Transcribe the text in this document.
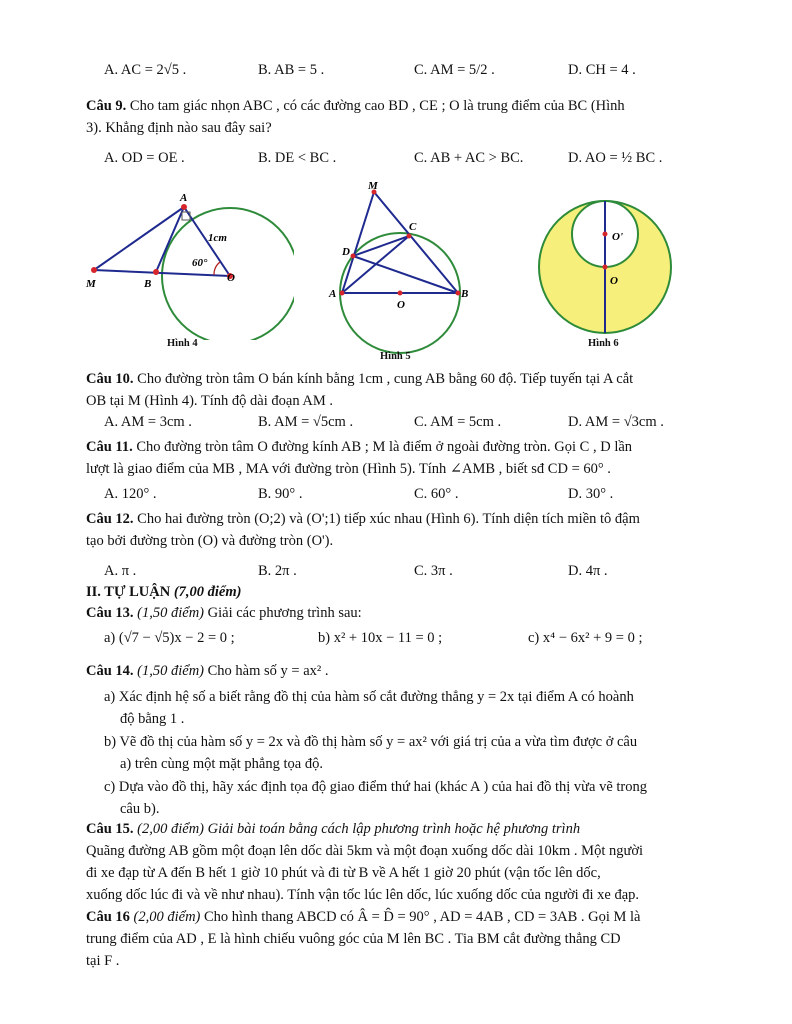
A. AC = 2√5 .	B. AB = 5 .	C. AM = 5/2 .	D. CH = 4 .
Câu 9. Cho tam giác nhọn ABC , có các đường cao BD , CE ; O là trung điểm của BC (Hình
3). Khẳng định nào sau đây sai?
A. OD = OE .	B. DE < BC .	C. AB + AC > BC.	D. AO = ½ BC .
A
M	B	O
1cm
60°
Hình 4
M
C
D
A	B
O
Hình 5
O'
O
Hình 6
Câu 10. Cho đường tròn tâm O bán kính bằng 1cm , cung AB bằng 60 độ. Tiếp tuyến tại A cắt
OB tại M (Hình 4). Tính độ dài đoạn AM .
A. AM = 3cm .	B. AM = √5cm .	C. AM = 5cm .	D. AM = √3cm .
Câu 11. Cho đường tròn tâm O đường kính AB ; M là điểm ở ngoài đường tròn. Gọi C , D lần
lượt là giao điểm của MB , MA với đường tròn (Hình 5). Tính ∠AMB , biết sđ CD = 60° .
A. 120° .	B. 90° .	C. 60° .	D. 30° .
Câu 12. Cho hai đường tròn (O;2) và (O';1) tiếp xúc nhau (Hình 6). Tính diện tích miền tô đậm
tạo bởi đường tròn (O) và đường tròn (O').
A. π .	B. 2π .	C. 3π .	D. 4π .
II. TỰ LUẬN (7,00 điểm)
Câu 13. (1,50 điểm) Giải các phương trình sau:
a) (√7 − √5)x − 2 = 0 ;	b) x² + 10x − 11 = 0 ;	c) x⁴ − 6x² + 9 = 0 ;
Câu 14. (1,50 điểm) Cho hàm số y = ax² .
a) Xác định hệ số a biết rằng đồ thị của hàm số cắt đường thẳng y = 2x tại điểm A có hoành
độ bằng 1 .
b) Vẽ đồ thị của hàm số y = 2x và đồ thị hàm số y = ax² với giá trị của a vừa tìm được ở câu
a) trên cùng một mặt phẳng tọa độ.
c) Dựa vào đồ thị, hãy xác định tọa độ giao điểm thứ hai (khác A ) của hai đồ thị vừa vẽ trong
câu b).
Câu 15. (2,00 điểm) Giải bài toán bằng cách lập phương trình hoặc hệ phương trình
Quãng đường AB gồm một đoạn lên dốc dài 5km và một đoạn xuống dốc dài 10km . Một người
đi xe đạp từ A đến B hết 1 giờ 10 phút và đi từ B về A hết 1 giờ 20 phút (vận tốc lên dốc,
xuống dốc lúc đi và về như nhau). Tính vận tốc lúc lên dốc, lúc xuống dốc của người đi xe đạp.
Câu 16 (2,00 điểm) Cho hình thang ABCD có Â = D̂ = 90° , AD = 4AB , CD = 3AB . Gọi M là
trung điểm của AD , E là hình chiếu vuông góc của M lên BC . Tia BM cắt đường thẳng CD
tại F .
